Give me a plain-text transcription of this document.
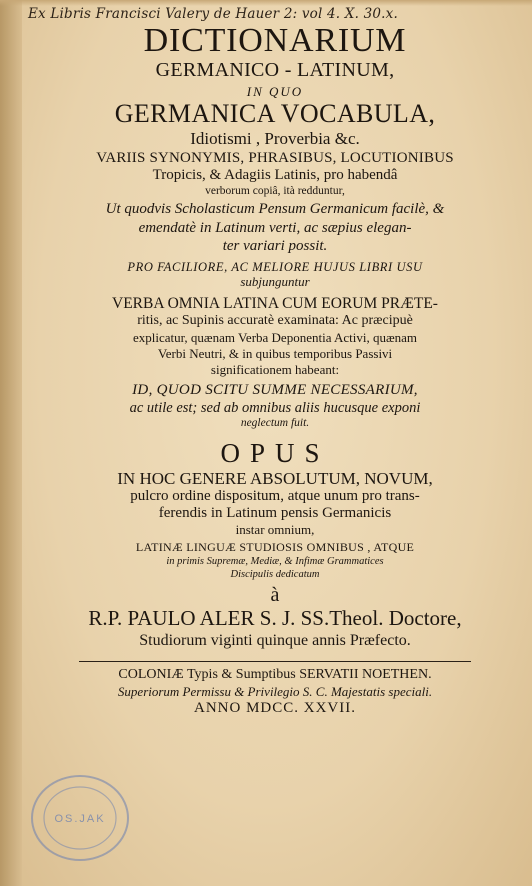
Ex Libris Francisci Valery de Hauer 2: vol 4. X. 30.x.

DICTIONARIUM

GERMANICO - LATINUM,

IN QUO

GERMANICA VOCABULA,

Idiotismi , Proverbia &c.

VARIIS SYNONYMIS, PHRASIBUS, LOCUTIONIBUS

Tropicis, & Adagiis Latinis, pro habendâ

verborum copiâ, ità redduntur,

Ut quodvis Scholasticum Pensum Germanicum facilè, &

emendatè in Latinum verti, ac sæpius elegan-

ter variari possit.

PRO FACILIORE, AC MELIORE HUJUS LIBRI USU

subjunguntur

VERBA OMNIA LATINA CUM EORUM PRÆTE-

ritis, ac Supinis accuratè examinata: Ac præcipuè

explicatur, quænam Verba Deponentia Activi, quænam

Verbi Neutri, & in quibus temporibus Passivi

significationem habeant:

ID, QUOD SCITU SUMME NECESSARIUM,

ac utile est; sed ab omnibus aliis hucusque exponi

neglectum fuit.

OPUS

IN HOC GENERE ABSOLUTUM, NOVUM,

pulcro ordine dispositum, atque unum pro trans-

ferendis in Latinum pensis Germanicis

instar omnium,

LATINÆ LINGUÆ STUDIOSIS OMNIBUS , ATQUE

in primis Supremæ, Mediæ, & Infimæ Grammatices

Discipulis dedicatum

à

R.P. PAULO ALER S. J. SS.Theol. Doctore,

Studiorum viginti quinque annis Præfecto.

COLONIÆ Typis & Sumptibus SERVATII NOETHEN.

Superiorum Permissu & Privilegio S. C. Majestatis speciali.

ANNO MDCC. XXVII.

OS.JAK
